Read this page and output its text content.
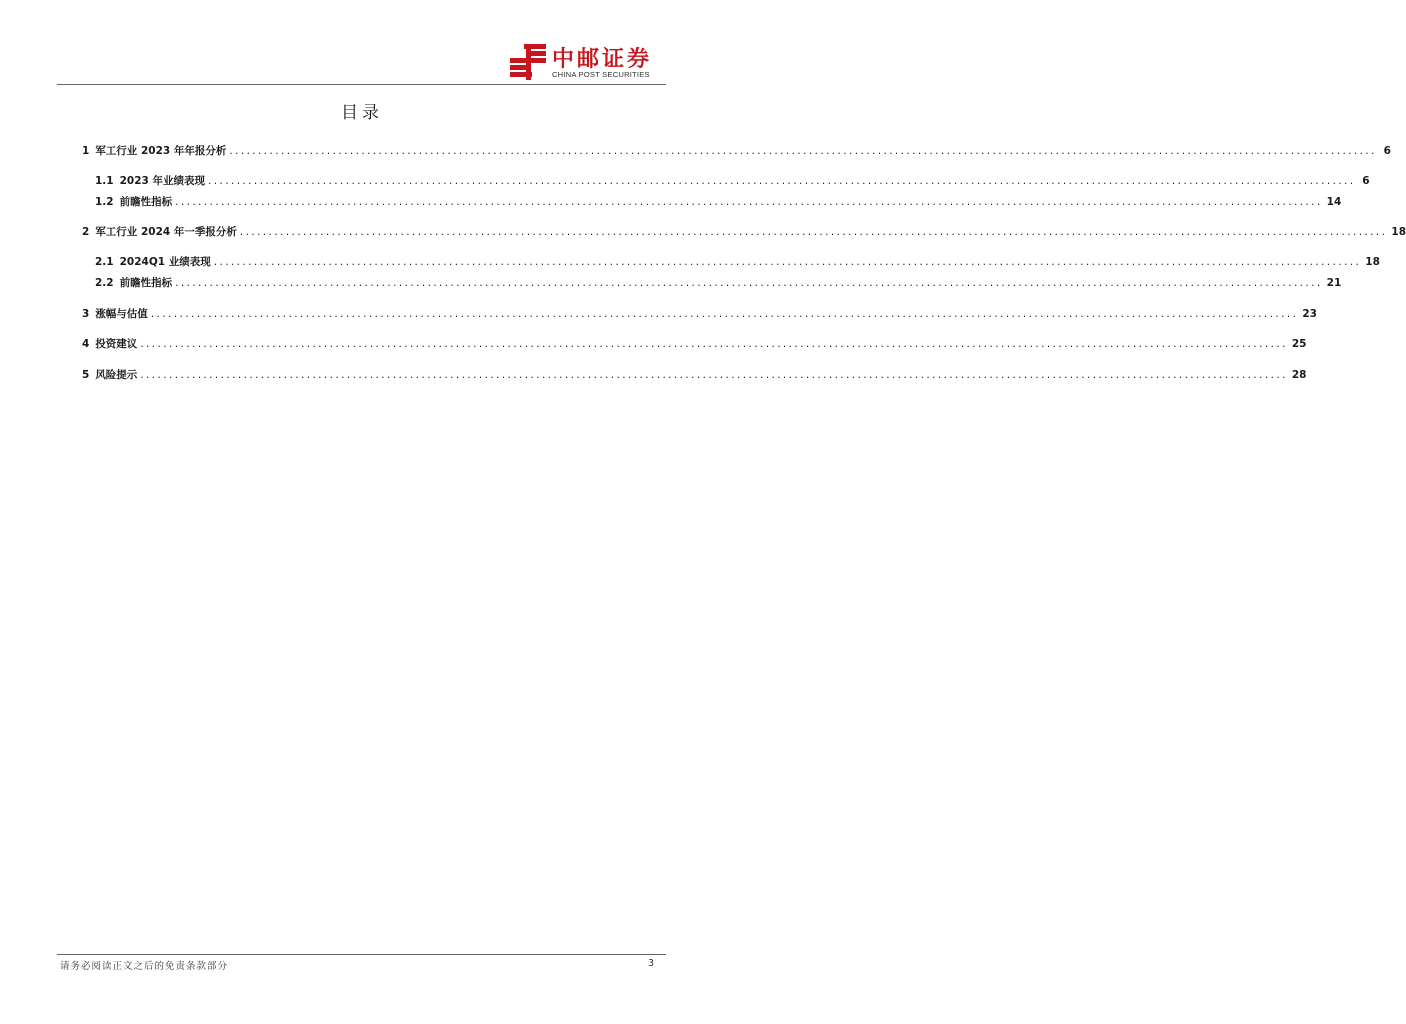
中邮证券
CHINA POST SECURITIES
目录
1 军工行业 2023 年年报分析 ........................................................................................................................................................................................................ 6
1.1 2023 年业绩表现 ........................................................................................................................................................................................................ 6
1.2 前瞻性指标 ........................................................................................................................................................................................................ 14
2 军工行业 2024 年一季报分析 ........................................................................................................................................................................................................ 18
2.1 2024Q1 业绩表现 ........................................................................................................................................................................................................ 18
2.2 前瞻性指标 ........................................................................................................................................................................................................ 21
3 涨幅与估值 ........................................................................................................................................................................................................ 23
4 投资建议 ........................................................................................................................................................................................................ 25
5 风险提示 ........................................................................................................................................................................................................ 28
请务必阅读正文之后的免责条款部分	3
